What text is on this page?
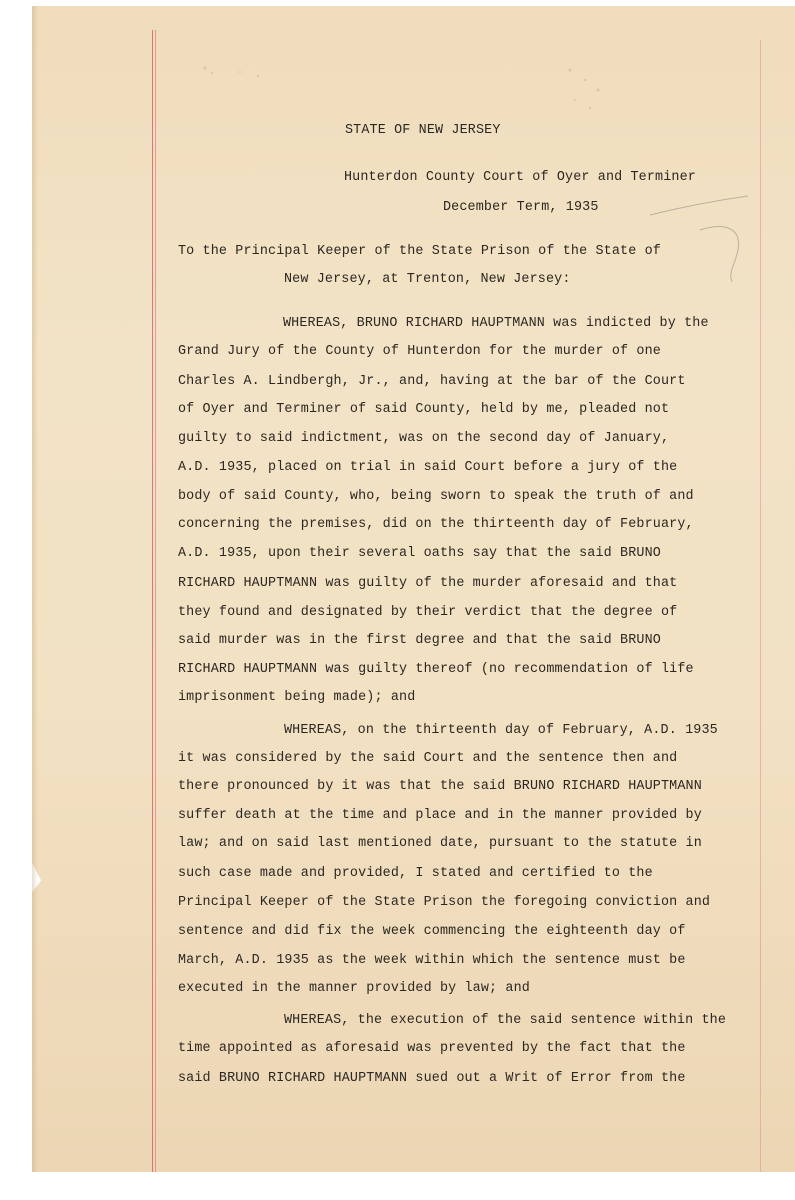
STATE OF NEW JERSEY
Hunterdon County Court of Oyer and Terminer
December Term, 1935
To the Principal Keeper of the State Prison of the State of
New Jersey, at Trenton, New Jersey:
WHEREAS, BRUNO RICHARD HAUPTMANN was indicted by the
Grand Jury of the County of Hunterdon for the murder of one
Charles A. Lindbergh, Jr., and, having at the bar of the Court
of Oyer and Terminer of said County, held by me, pleaded not
guilty to said indictment, was on the second day of January,
A.D. 1935, placed on trial in said Court before a jury of the
body of said County, who, being sworn to speak the truth of and
concerning the premises, did on the thirteenth day of February,
A.D. 1935, upon their several oaths say that the said BRUNO
RICHARD HAUPTMANN was guilty of the murder aforesaid and that
they found and designated by their verdict that the degree of
said murder was in the first degree and that the said BRUNO
RICHARD HAUPTMANN was guilty thereof (no recommendation of life
imprisonment being made); and
WHEREAS, on the thirteenth day of February, A.D. 1935
it was considered by the said Court and the sentence then and
there pronounced by it was that the said BRUNO RICHARD HAUPTMANN
suffer death at the time and place and in the manner provided by
law; and on said last mentioned date, pursuant to the statute in
such case made and provided, I stated and certified to the
Principal Keeper of the State Prison the foregoing conviction and
sentence and did fix the week commencing the eighteenth day of
March, A.D. 1935 as the week within which the sentence must be
executed in the manner provided by law; and
WHEREAS, the execution of the said sentence within the
time appointed as aforesaid was prevented by the fact that the
said BRUNO RICHARD HAUPTMANN sued out a Writ of Error from the
